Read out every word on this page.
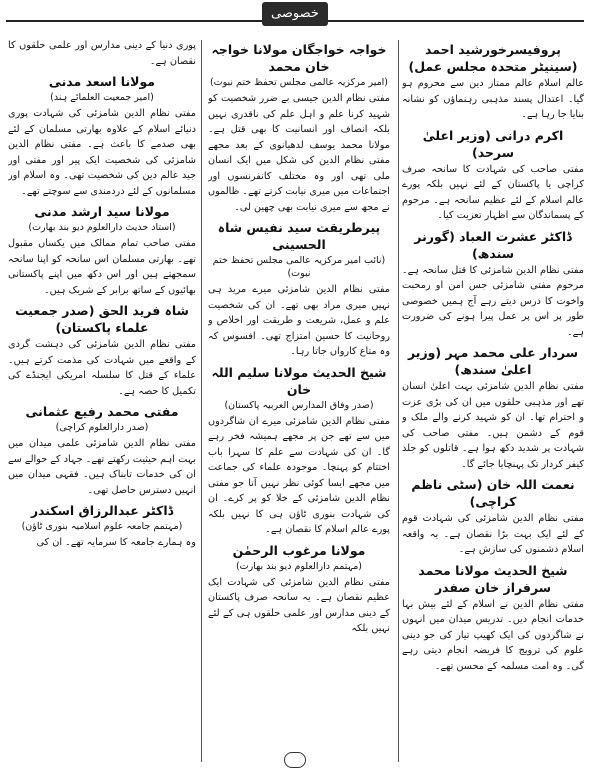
خصوصی
پروفیسرخورشید احمد (سینیٹر متحدہ مجلس عمل)

عالم اسلام عالم ممتاز دین سے محروم ہو گیا۔ اعتدال پسند مذہبی رہنماؤں کو نشانہ بنایا جا رہا ہے۔

اکرم درانی (وزیر اعلیٰ سرحد)

مفتی صاحب کی شہادت کا سانحہ صرف کراچی یا پاکستان کے لئے نہیں بلکہ پورے عالم اسلام کے لئے عظیم سانحہ ہے۔ مرحوم کے پسماندگان سے اظہار تعزیت کیا۔

ڈاکٹر عشرت العباد (گورنر سندھ)

مفتی نظام الدین شامزئی کا قتل سانحہ ہے۔ مرحوم مفتی شامزئی جس امن او رمحبت واخوت کا درس دیتے رہے آج ہمیں خصوصی طور پر اس پر عمل پیرا ہونے کی ضرورت ہے۔

سردار علی محمد مہر (وزیر اعلیٰ سندھ)

مفتی نظام الدین شامزئی بہت اعلیٰ انسان تھے اور مذہبی حلقوں میں ان کی بڑی عزت و احترام تھا۔ ان کو شہید کرنے والے ملک و قوم کے دشمن ہیں۔ مفتی صاحب کی شہادت پر شدید دکھ ہوا ہے۔ قاتلوں کو جلد کیفر کردار تک پہنچایا جائے گا۔

نعمت اللہ خان (سٹی ناظم کراچی)

مفتی نظام الدین شامزئی کی شہادت قوم کے لئے ایک بہت بڑا نقصان ہے۔ یہ واقعہ اسلام دشمنوں کی سازش ہے۔

شیخ الحدیث مولانا محمد سرفراز خان صفدر

مفتی نظام الدین نے اسلام کے لئے بیش بہا خدمات انجام دیں۔ تدریس میدان میں انہوں نے شاگردوں کی ایک کھیپ تیار کی جو دینی علوم کی ترویج کا فریضہ انجام دیتی رہے گی۔ وہ امت مسلمہ کے محسن تھے۔

خواجہ خواجگان مولانا خواجہ خان محمد
(امیر مرکزیہ عالمی مجلس تحفظ ختم نبوت)

مفتی نظام الدین جیسی بے ضرر شخصیت کو شہید کرنا علم و اہل علم کی ناقدری نہیں بلکہ انصاف اور انسانیت کا بھی قتل ہے۔ مولانا محمد یوسف لدھیانوی کے بعد مجھے مفتی نظام الدین کی شکل میں ایک انسان ملی تھی اور وہ مختلف کانفرنسوں اور اجتماعات میں میری نیابت کرتے تھے۔ ظالموں نے مجھ سے میری نیابت بھی چھین لی۔

پیرطریقت سید نفیس شاہ الحسینی
(نائب امیر مرکزیہ عالمی مجلس تحفظ ختم نبوت)

مفتی نظام الدین شامزئی میرے مرید ہی نہیں میری مراد بھی تھے۔ ان کی شخصیت علم و عمل، شریعت و طریقت اور اخلاص و روحانیت کا حسین امتزاج تھی۔ افسوس کہ وہ متاع کارواں جاتا رہا۔

شیخ الحدیث مولانا سلیم اللہ خان
(صدر وفاق المدارس العربیہ پاکستان)

مفتی نظام الدین شامزئی میرے ان شاگردوں میں سے تھے جن پر مجھے ہمیشہ فخر رہے گا۔ ان کی شہادت سے علم کا سہرا باب اختتام کو پہنچا۔ موجودہ علماء کی جماعت میں مجھے ایسا کوئی نظر نہیں آتا جو مفتی نظام الدین شامزئی کے خلا کو پر کرے۔ ان کی شہادت بنوری ٹاؤن ہی کا نہیں بلکہ پورے عالم اسلام کا نقصان ہے۔

مولانا مرغوب الرحمٰن
(مہتمم دارالعلوم دیو بند بھارت)

مفتی نظام الدین شامزئی کی شہادت ایک عظیم نقصان ہے۔ یہ سانحہ صرف پاکستان کے دینی مدارس اور علمی حلقوں ہی کے لئے نہیں بلکہ

پوری دنیا کے دینی مدارس اور علمی حلقوں کا نقصان ہے۔

مولانا اسعد مدنی
(امیر جمعیت العلمائے ہند)

مفتی نظام الدین شامزئی کی شہادت پوری دنیائے اسلام کے علاوہ بھارتی مسلمان کے لئے بھی صدمے کا باعث ہے۔ مفتی نظام الدین شامزئی کی شخصیت ایک پیر اور مفتی اور جید عالم دین کی شخصیت تھی۔ وہ اسلام اور مسلمانوں کے لئے دردمندی سے سوچتے تھے۔

مولانا سید ارشد مدنی
(استاد حدیث دارالعلوم دیو بند بھارت)

مفتی صاحب تمام ممالک میں یکساں مقبول تھے۔ بھارتی مسلمان اس سانحہ کو اپنا سانحہ سمجھتے ہیں اور اس دکھ میں اپنے پاکستانی بھائیوں کے ساتھ برابر کے شریک ہیں۔

شاہ فرید الحق (صدر جمعیت علماء پاکستان)

مفتی نظام الدین شامزئی کی دہشت گردی کے واقعے میں شہادت کی مذمت کرتے ہیں۔ علماء کے قتل کا سلسلہ امریکی ایجنڈے کی تکمیل کا حصہ ہے۔

مفتی محمد رفیع عثمانی
(صدر دارالعلوم کراچی)

مفتی نظام الدین شامزئی علمی میدان میں بہت اہم حیثیت رکھتے تھے۔ جہاد کے حوالے سے ان کی خدمات تابناک ہیں۔ فقہی میدان میں انہیں دسترس حاصل تھی۔

ڈاکٹر عبدالرزاق اسکندر
(مہتمم جامعہ علوم اسلامیہ بنوری ٹاؤن)

وہ ہمارے جامعہ کا سرمایہ تھے۔ ان کی
